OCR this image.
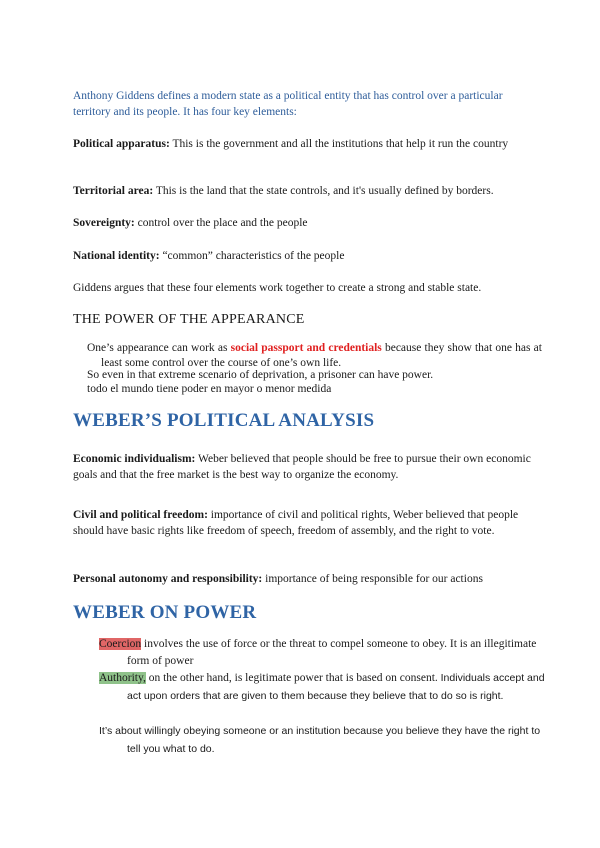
Anthony Giddens defines a modern state as a political entity that has control over a particular territory and its people. It has four key elements:

Political apparatus: This is the government and all the institutions that help it run the country

Territorial area: This is the land that the state controls, and it's usually defined by borders.

Sovereignty: control over the place and the people

National identity: “common” characteristics of the people

Giddens argues that these four elements work together to create a strong and stable state.

THE POWER OF THE APPEARANCE

One’s appearance can work as social passport and credentials because they show that one has at least some control over the course of one’s own life.

So even in that extreme scenario of deprivation, a prisoner can have power.

todo el mundo tiene poder en mayor o menor medida

WEBER’S POLITICAL ANALYSIS

Economic individualism: Weber believed that people should be free to pursue their own economic goals and that the free market is the best way to organize the economy.

Civil and political freedom: importance of civil and political rights, Weber believed that people should have basic rights like freedom of speech, freedom of assembly, and the right to vote.

Personal autonomy and responsibility: importance of being responsible for our actions

WEBER ON POWER

Coercion involves the use of force or the threat to compel someone to obey. It is an illegitimate form of power

Authority, on the other hand, is legitimate power that is based on consent. Individuals accept and act upon orders that are given to them because they believe that to do so is right.

It’s about willingly obeying someone or an institution because you believe they have the right to tell you what to do.
